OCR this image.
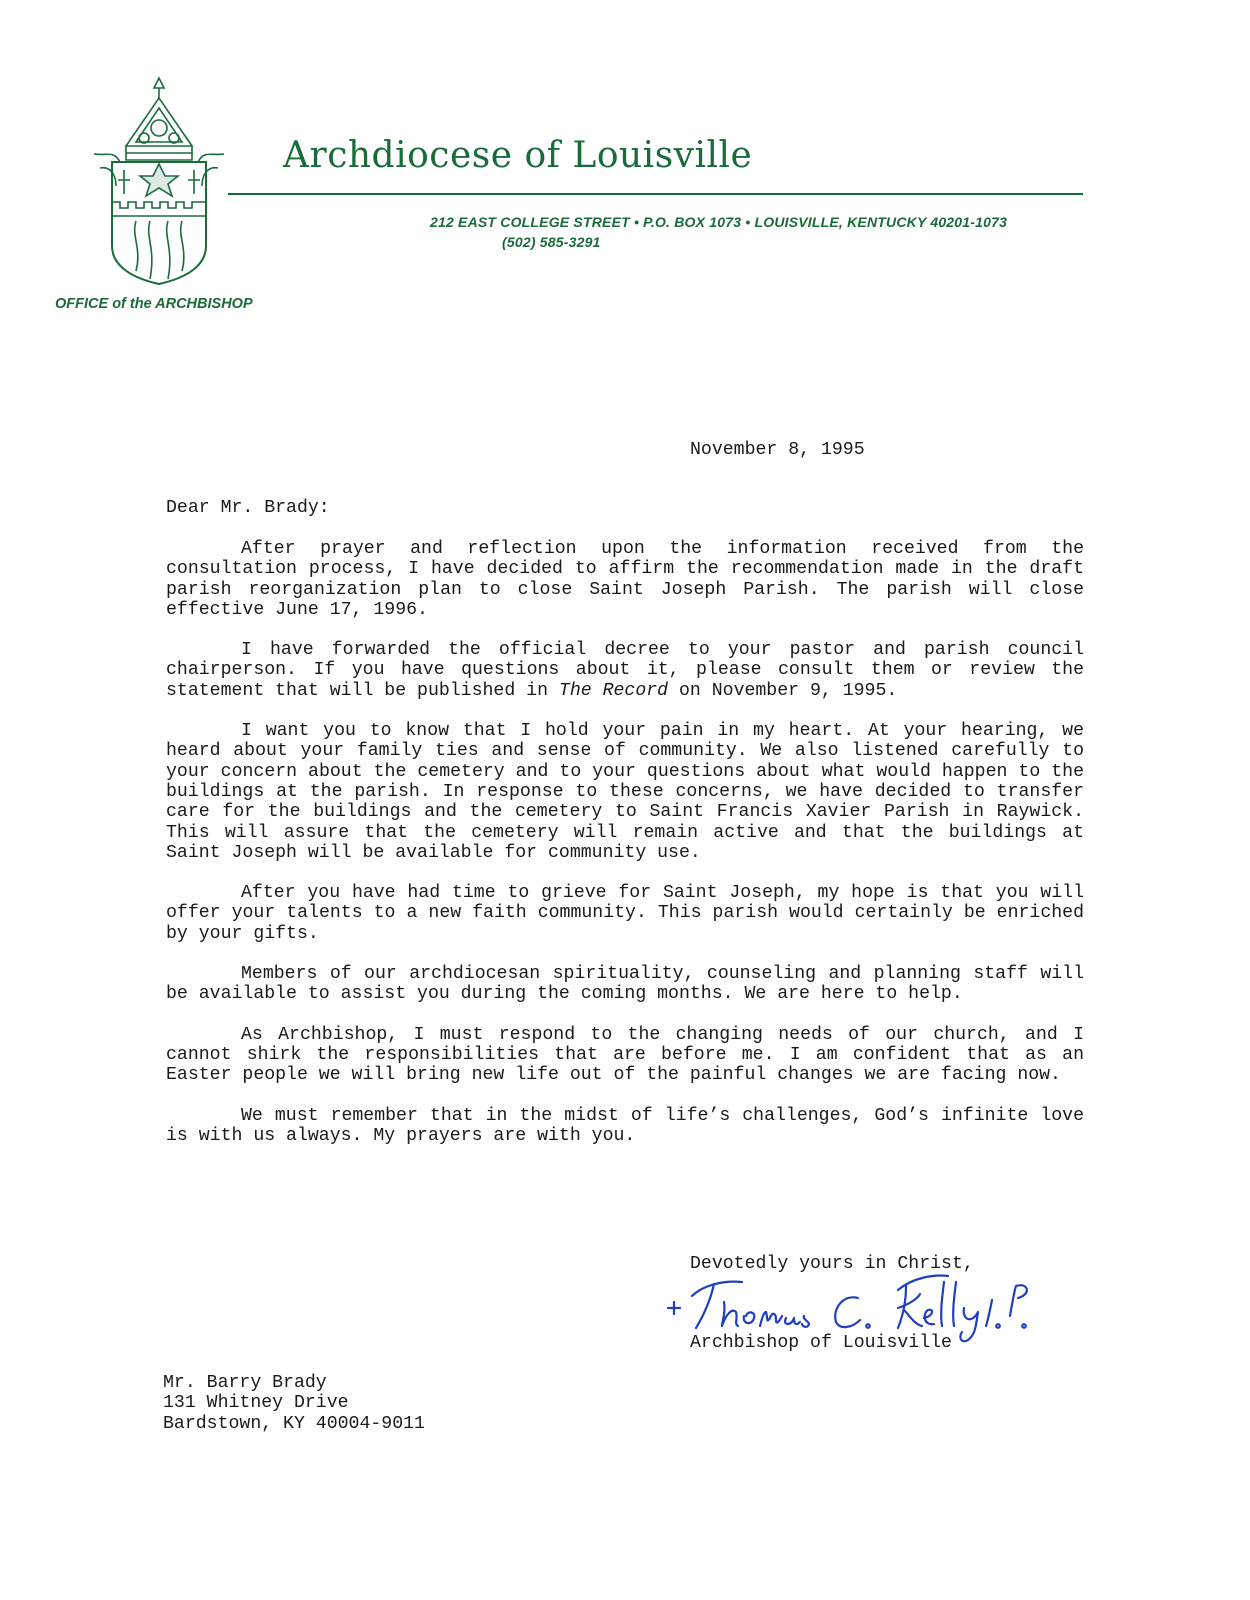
Archdiocese of Louisville
212 EAST COLLEGE STREET • P.O. BOX 1073 • LOUISVILLE, KENTUCKY 40201-1073
(502) 585-3291
OFFICE of the ARCHBISHOP
November 8, 1995
Dear Mr. Brady:

After prayer and reflection upon the information received from the consultation process, I have decided to affirm the recommendation made in the draft parish reorganization plan to close Saint Joseph Parish. The parish will close effective June 17, 1996.

I have forwarded the official decree to your pastor and parish council chairperson. If you have questions about it, please consult them or review the statement that will be published in The Record on November 9, 1995.

I want you to know that I hold your pain in my heart. At your hearing, we heard about your family ties and sense of community. We also listened carefully to your concern about the cemetery and to your questions about what would happen to the buildings at the parish. In response to these concerns, we have decided to transfer care for the buildings and the cemetery to Saint Francis Xavier Parish in Raywick. This will assure that the cemetery will remain active and that the buildings at Saint Joseph will be available for community use.

After you have had time to grieve for Saint Joseph, my hope is that you will offer your talents to a new faith community. This parish would certainly be enriched by your gifts.

Members of our archdiocesan spirituality, counseling and planning staff will be available to assist you during the coming months. We are here to help.

As Archbishop, I must respond to the changing needs of our church, and I cannot shirk the responsibilities that are before me. I am confident that as an Easter people we will bring new life out of the painful changes we are facing now.

We must remember that in the midst of life’s challenges, God’s infinite love is with us always. My prayers are with you.

Devotedly yours in Christ,
+ Thomas C. Kelly O.P. Archbishop of Louisville
Mr. Barry Brady
131 Whitney Drive
Bardstown, KY 40004-9011
